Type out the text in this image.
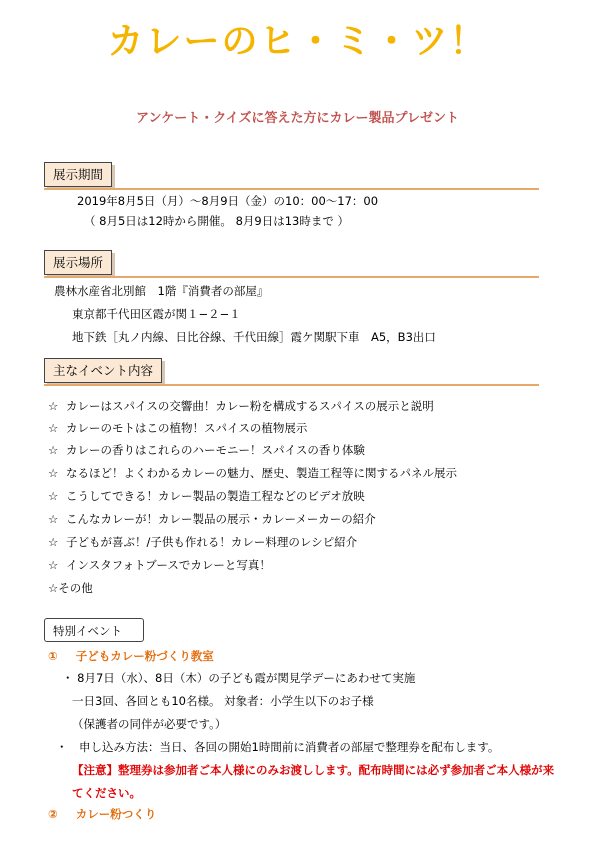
カレーのヒ・ミ・ツ！
アンケート・クイズに答えた方にカレー製品プレゼント
展示期間
2019年8月5日（月）～8月9日（金）の10：00～17：00
（ 8月5日は12時から開催。 8月9日は13時まで ）
展示場所
農林水産省北別館　1階『消費者の部屋』
東京都千代田区霞が関１−２−１
地下鉄［丸ノ内線、日比谷線、千代田線］霞ケ関駅下車　A5，B3出口
主なイベント内容
☆ カレーはスパイスの交響曲！カレー粉を構成するスパイスの展示と説明
☆ カレーのモトはこの植物！スパイスの植物展示
☆ カレーの香りはこれらのハーモニー！スパイスの香り体験
☆ なるほど！よくわかるカレーの魅力、歴史、製造工程等に関するパネル展示
☆ こうしてできる！カレー製品の製造工程などのビデオ放映
☆ こんなカレーが！カレー製品の展示・カレーメーカーの紹介
☆ 子どもが喜ぶ！/子供も作れる！カレー料理のレシピ紹介
☆ インスタフォトブースでカレーと写真！
☆その他
特別イベント
① 子どもカレー粉づくり教室
・ 8月7日（水）、8日（木）の子ども霞が関見学デーにあわせて実施
一日3回、各回とも10名様。 対象者：小学生以下のお子様
（保護者の同伴が必要です。）
・　申し込み方法：当日、各回の開始1時間前に消費者の部屋で整理券を配布します。
【注意】整理券は参加者ご本人様にのみお渡しします。配布時間には必ず参加者ご本人様が来
てください。
② カレー粉つくり
